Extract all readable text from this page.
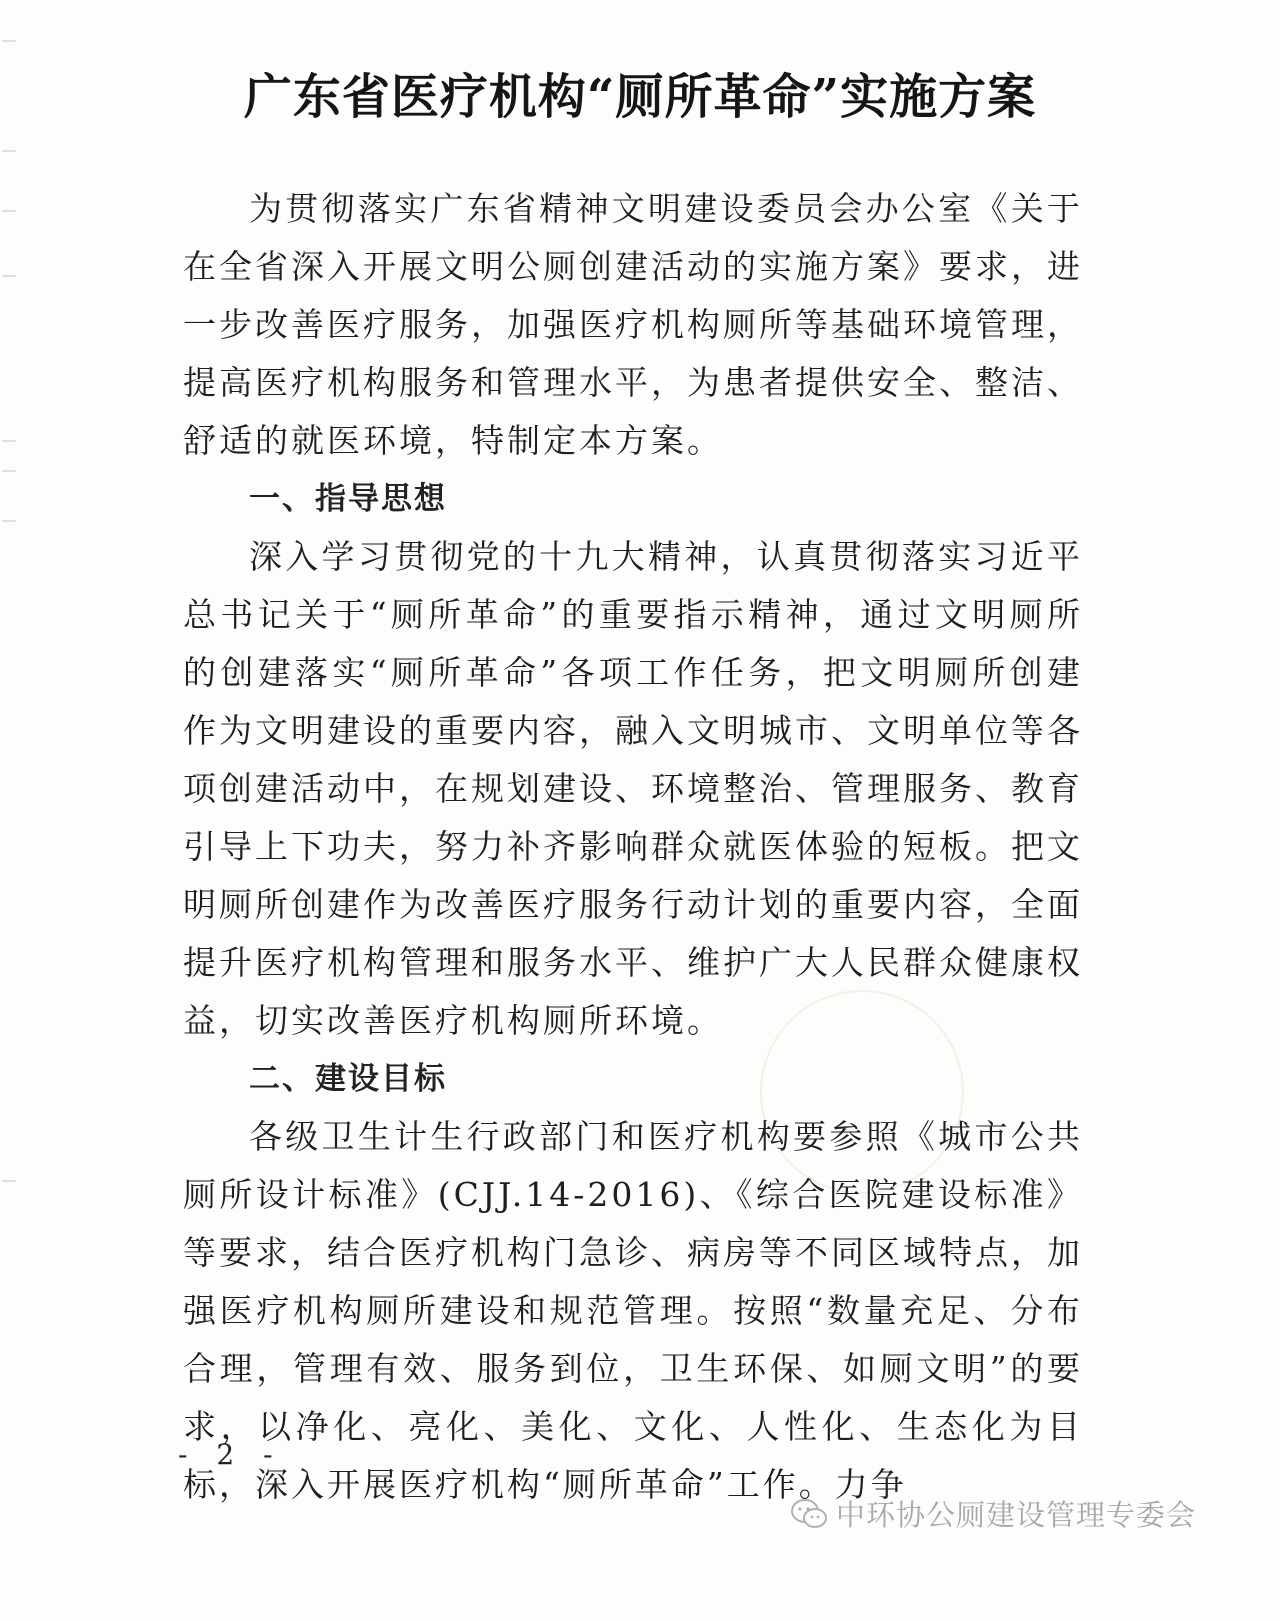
广东省医疗机构“厕所革命”实施方案

为贯彻落实广东省精神文明建设委员会办公室《关于在全省深入开展文明公厕创建活动的实施方案》要求，进一步改善医疗服务，加强医疗机构厕所等基础环境管理，提高医疗机构服务和管理水平，为患者提供安全、整洁、舒适的就医环境，特制定本方案。

一、指导思想

深入学习贯彻党的十九大精神，认真贯彻落实习近平总书记关于“厕所革命”的重要指示精神，通过文明厕所的创建落实“厕所革命”各项工作任务，把文明厕所创建作为文明建设的重要内容，融入文明城市、文明单位等各项创建活动中，在规划建设、环境整治、管理服务、教育引导上下功夫，努力补齐影响群众就医体验的短板。把文明厕所创建作为改善医疗服务行动计划的重要内容，全面提升医疗机构管理和服务水平、维护广大人民群众健康权益，切实改善医疗机构厕所环境。

二、建设目标

各级卫生计生行政部门和医疗机构要参照《城市公共厕所设计标准》(CJJ.14-2016)、《综合医院建设标准》等要求，结合医疗机构门急诊、病房等不同区域特点，加强医疗机构厕所建设和规范管理。按照“数量充足、分布合理，管理有效、服务到位，卫生环保、如厕文明”的要求，以净化、亮化、美化、文化、人性化、生态化为目标，深入开展医疗机构“厕所革命”工作。力争

- 2 -
中环协公厕建设管理专委会
